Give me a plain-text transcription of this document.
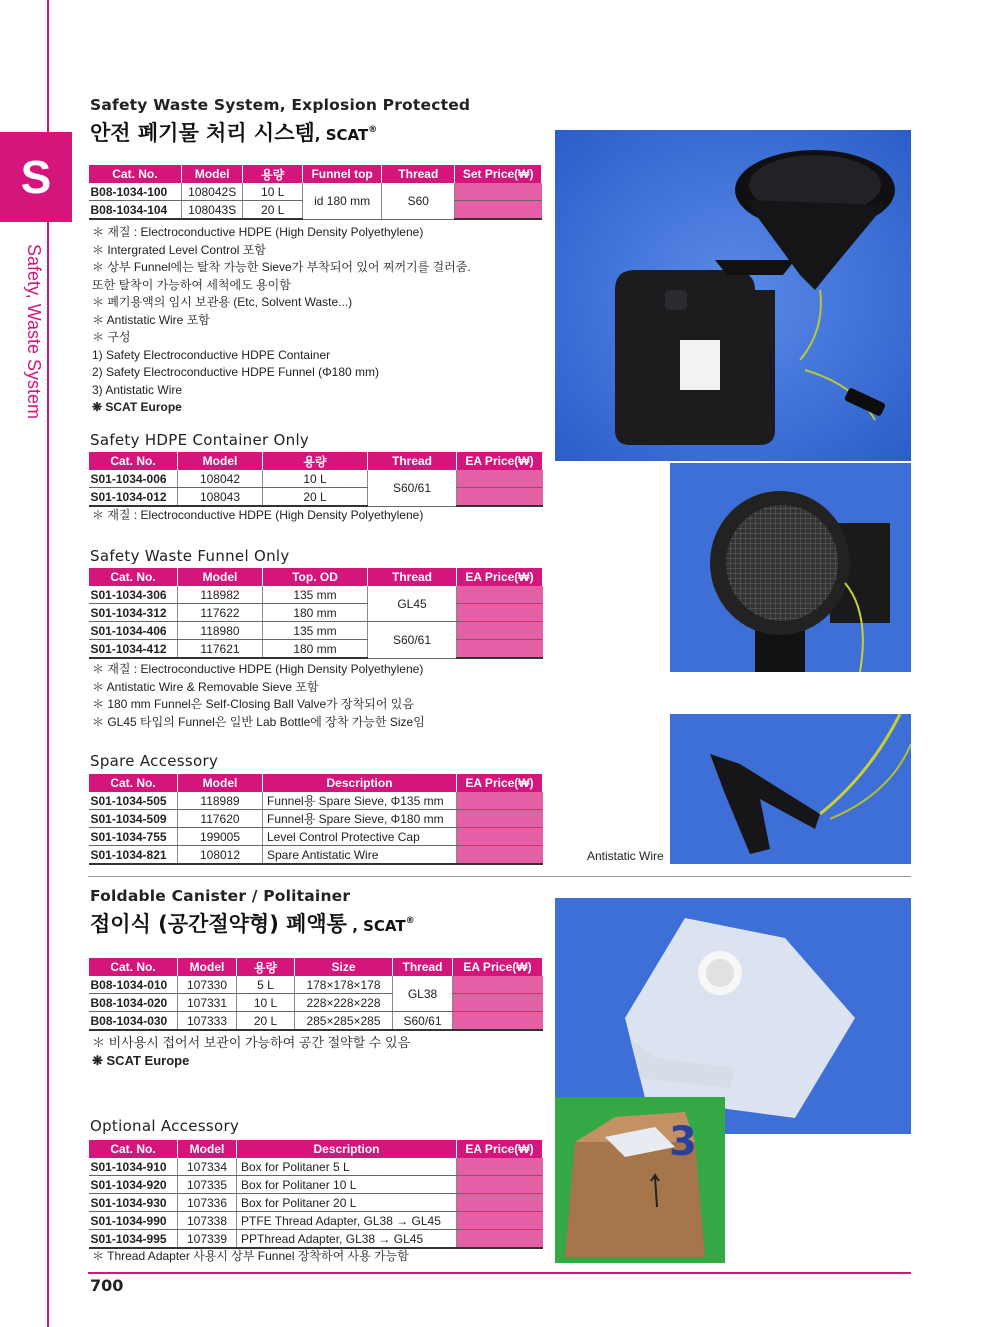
S
Safety, Waste System
Safety Waste System, Explosion Protected
안전 폐기물 처리 시스템, SCAT®
Cat. No.	Model	용량	Funnel top	Thread	Set Price(₩)
B08-1034-100	108042S	10 L	id 180 mm	S60	
B08-1034-104	108043S	20 L			
＊ 재질 : Electroconductive HDPE (High Density Polyethylene)
＊ Intergrated Level Control 포함
＊ 상부 Funnel에는 탈착 가능한 Sieve가 부착되어 있어 찌꺼기를 걸러줌.
또한 탈착이 가능하여 세척에도 용이함
＊ 폐기용액의 임시 보관용 (Etc, Solvent Waste...)
＊ Antistatic Wire 포함
＊ 구성
1) Safety Electroconductive HDPE Container
2) Safety Electroconductive HDPE Funnel (Φ180 mm)
3) Antistatic Wire
❋ SCAT Europe
Safety HDPE Container Only
Cat. No.	Model	용량	Thread	EA Price(₩)
S01-1034-006	108042	10 L	S60/61	
S01-1034-012	108043	20 L		
＊ 재질 : Electroconductive HDPE (High Density Polyethylene)
Safety Waste Funnel Only
Cat. No.	Model	Top. OD	Thread	EA Price(₩)
S01-1034-306	118982	135 mm	GL45	
S01-1034-312	117622	180 mm		
S01-1034-406	118980	135 mm	S60/61	
S01-1034-412	117621	180 mm		
＊ 재질 : Electroconductive HDPE (High Density Polyethylene)
＊ Antistatic Wire & Removable Sieve 포함
＊ 180 mm Funnel은 Self-Closing Ball Valve가 장착되어 있음
＊ GL45 타입의 Funnel은 일반 Lab Bottle에 장착 가능한 Size임
Spare Accessory
Cat. No.	Model	Description	EA Price(₩)
S01-1034-505	118989	Funnel용 Spare Sieve, Φ135 mm	
S01-1034-509	117620	Funnel용 Spare Sieve, Φ180 mm	
S01-1034-755	199005	Level Control Protective Cap	
S01-1034-821	108012	Spare Antistatic Wire		Antistatic Wire
Foldable Canister / Politainer
접이식 (공간절약형) 폐액통 , SCAT®
Cat. No.	Model	용량	Size	Thread	EA Price(₩)
B08-1034-010	107330	5 L	178×178×178	GL38	
B08-1034-020	107331	10 L	228×228×228		
B08-1034-030	107333	20 L	285×285×285	S60/61	
＊ 비사용시 접어서 보관이 가능하여 공간 절약할 수 있음
❋ SCAT Europe
3
Optional Accessory
Cat. No.	Model	Description	EA Price(₩)
S01-1034-910	107334	Box for Politaner 5 L	
S01-1034-920	107335	Box for Politaner 10 L	
S01-1034-930	107336	Box for Politaner 20 L	
S01-1034-990	107338	PTFE Thread Adapter, GL38 → GL45	
S01-1034-995	107339	PPThread Adapter, GL38 → GL45	
＊ Thread Adapter 사용시 상부 Funnel 장착하여 사용 가능함
700
